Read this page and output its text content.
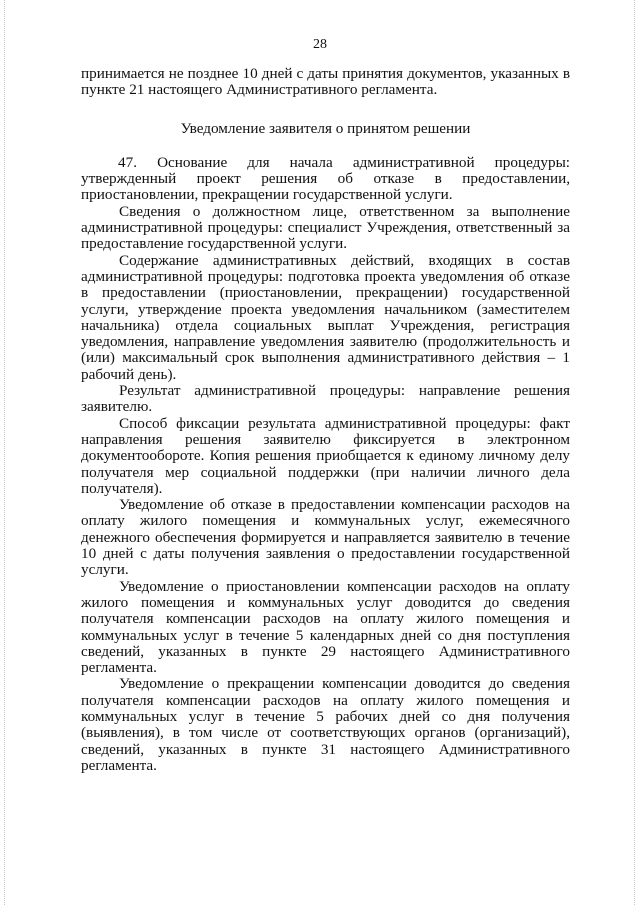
28

принимается не позднее 10 дней с даты принятия документов, указанных в пункте 21 настоящего Административного регламента.

Уведомление заявителя о принятом решении

47. Основание для начала административной процедуры: утвержденный проект решения об отказе в предоставлении, приостановлении, прекращении государственной услуги.

Сведения о должностном лице, ответственном за выполнение административной процедуры: специалист Учреждения, ответственный за предоставление государственной услуги.

Содержание административных действий, входящих в состав административной процедуры: подготовка проекта уведомления об отказе в предоставлении (приостановлении, прекращении) государственной услуги, утверждение проекта уведомления начальником (заместителем начальника) отдела социальных выплат Учреждения, регистрация уведомления, направление уведомления заявителю (продолжительность и (или) максимальный срок выполнения административного действия – 1 рабочий день).

Результат административной процедуры: направление решения заявителю.

Способ фиксации результата административной процедуры: факт направления решения заявителю фиксируется в электронном документообороте. Копия решения приобщается к единому личному делу получателя мер социальной поддержки (при наличии личного дела получателя).

Уведомление об отказе в предоставлении компенсации расходов на оплату жилого помещения и коммунальных услуг, ежемесячного денежного обеспечения формируется и направляется заявителю в течение 10 дней с даты получения заявления о предоставлении государственной услуги.

Уведомление о приостановлении компенсации расходов на оплату жилого помещения и коммунальных услуг доводится до сведения получателя компенсации расходов на оплату жилого помещения и коммунальных услуг в течение 5 календарных дней со дня поступления сведений, указанных в пункте 29 настоящего Административного регламента.

Уведомление о прекращении компенсации доводится до сведения получателя компенсации расходов на оплату жилого помещения и коммунальных услуг в течение 5 рабочих дней со дня получения (выявления), в том числе от соответствующих органов (организаций), сведений, указанных в пункте 31 настоящего Административного регламента.
